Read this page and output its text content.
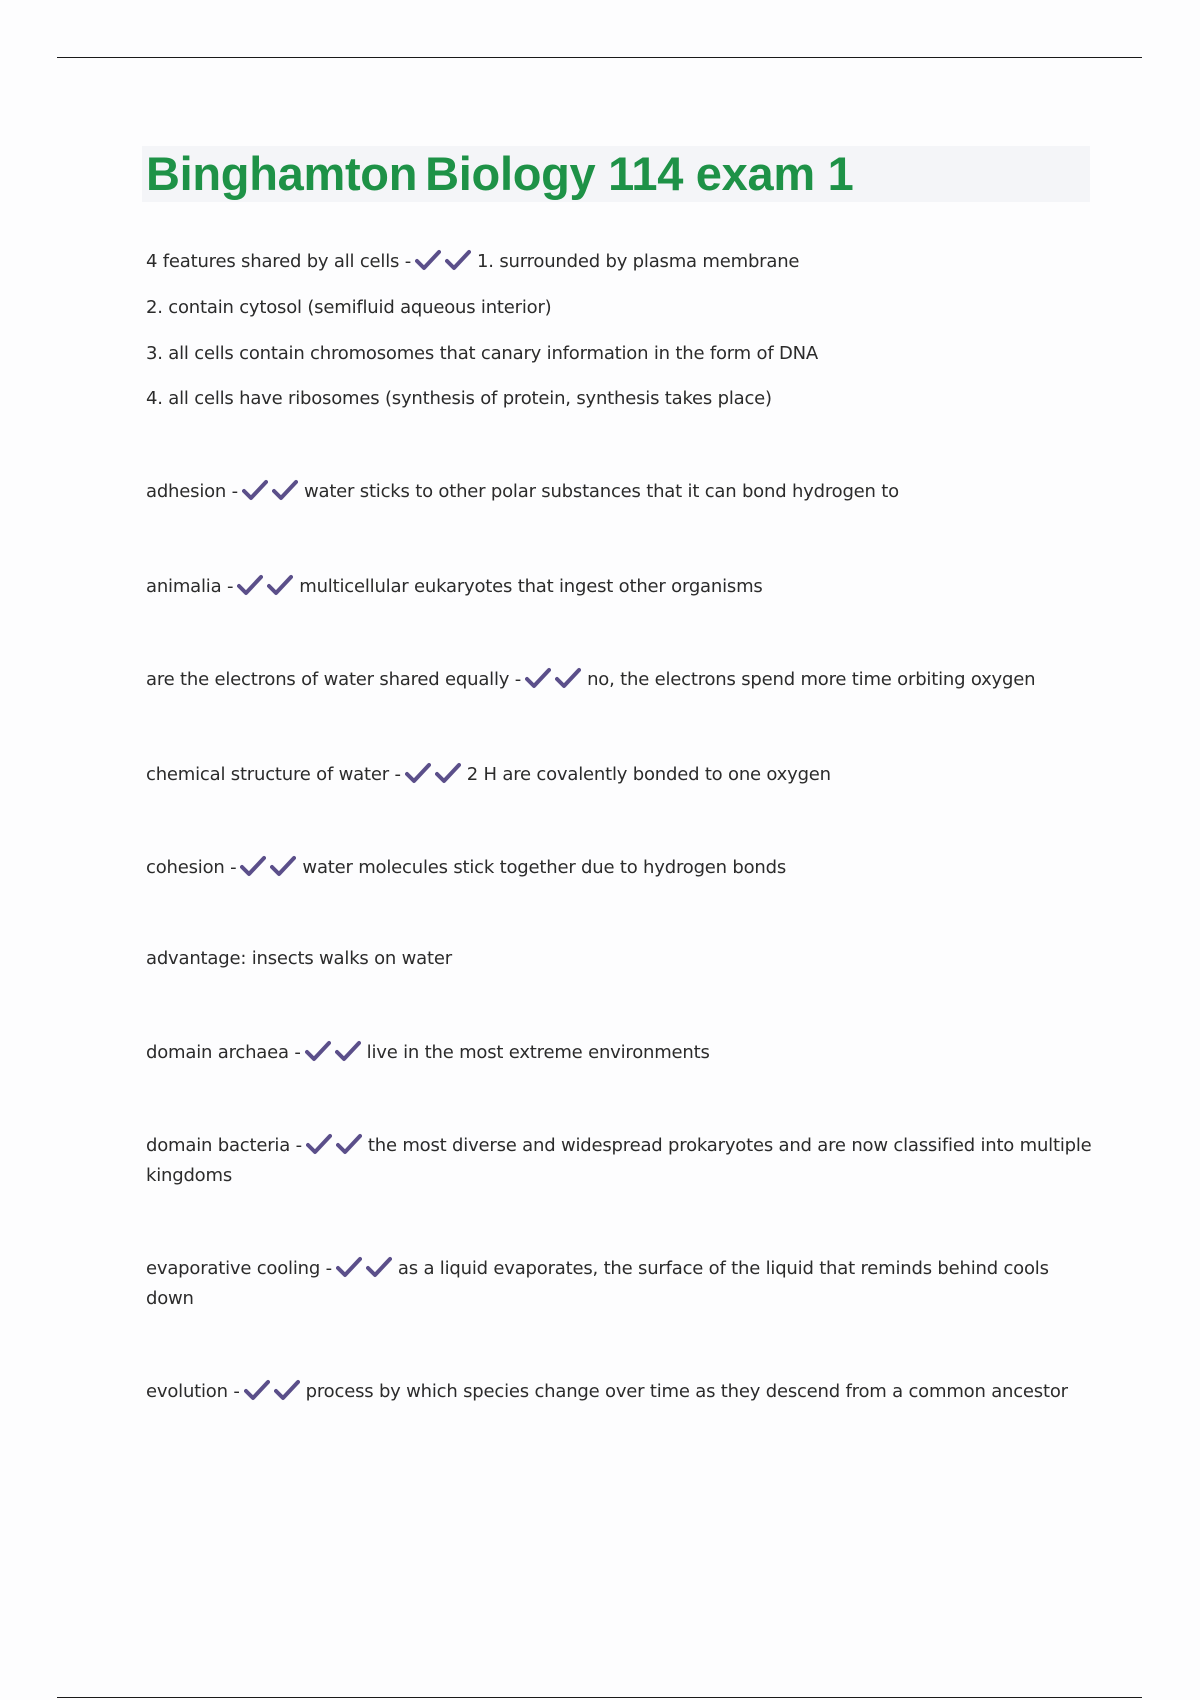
Binghamton Biology 114 exam 1
4 features shared by all cells -	1. surrounded by plasma membrane
2. contain cytosol (semifluid aqueous interior)
3. all cells contain chromosomes that canary information in the form of DNA
4. all cells have ribosomes (synthesis of protein, synthesis takes place)
adhesion -	water sticks to other polar substances that it can bond hydrogen to
animalia -	multicellular eukaryotes that ingest other organisms
are the electrons of water shared equally -	no, the electrons spend more time orbiting oxygen
chemical structure of water -	2 H are covalently bonded to one oxygen
cohesion -	water molecules stick together due to hydrogen bonds
advantage: insects walks on water
domain archaea -	live in the most extreme environments
domain bacteria -	the most diverse and widespread prokaryotes and are now classified into multiple kingdoms
evaporative cooling -	as a liquid evaporates, the surface of the liquid that reminds behind cools down
evolution -	process by which species change over time as they descend from a common ancestor
